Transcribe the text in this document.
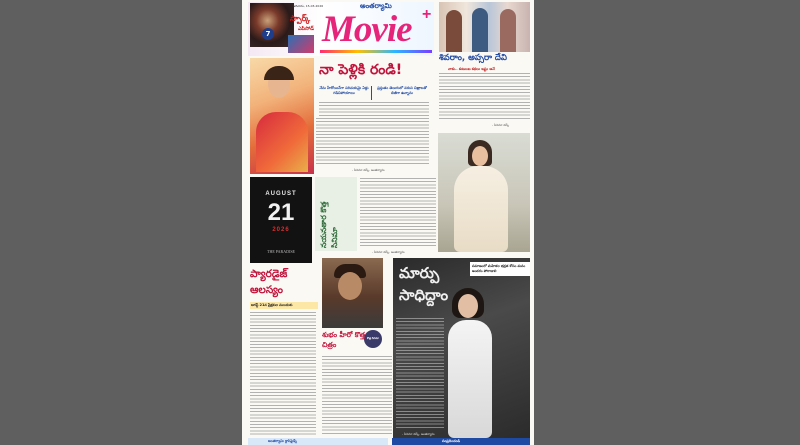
7
ఆదివారం, 15-03-2026
స్పార్క్
ఎపిసోడ్
అంతర్యామి
Movie +
శివరాం, అప్సరా దేవి
నాకు.. కుటుంబ కథలు ఇష్టం అనే
- సినిమా డెస్క్
నా పెళ్లికి రండి!
నేను హీరోయిన్‌గా పరిచయమై ఏళ్లు గడిచిపోయాయి
ప్రస్తుతం తెలుగులో వరుస చిత్రాలతో బిజీగా ఉన్నాను
- సినిమా డెస్క్, అంతర్యామి
AUGUST
21
2026
THE PARADISE
నయనతార కొత్త సినిమా
- సినిమా డెస్క్, అంతర్యామి
ప్యారడైజ్ ఆలస్యం
ఆగస్ట్ 21న ప్రేక్షకుల ముందుకు
కొత్త సినిమా
శుభం హీరో కొత్త చిత్రం
మార్పు సాధిద్దాం
సమాజంలో మహిళల భద్రత కోసం మనం అందరం పోరాడాలి
- సినిమా డెస్క్, అంతర్యామి
అంతర్యామి క్లాసిఫైడ్స్	సంప్రదించండి
